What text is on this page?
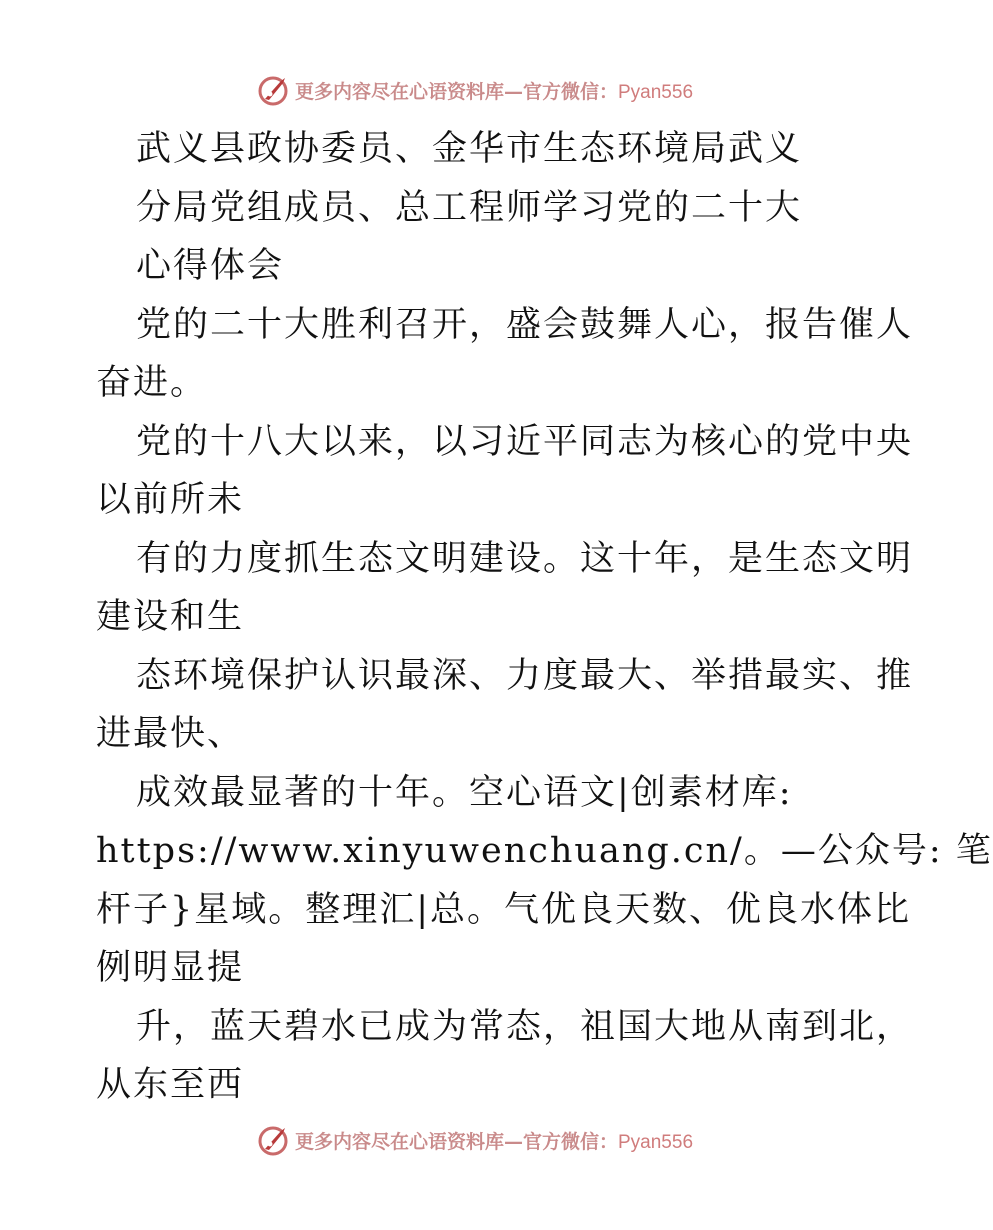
更多内容尽在心语资料库—官方微信：Pyan556
武义县政协委员、金华市生态环境局武义
分局党组成员、总工程师学习党的二十大
心得体会
党的二十大胜利召开，盛会鼓舞人心，报告催人
奋进。
党的十八大以来，以习近平同志为核心的党中央
以前所未
有的力度抓生态文明建设。这十年，是生态文明
建设和生
态环境保护认识最深、力度最大、举措最实、推
进最快、
成效最显著的十年。空心语文|创素材库:
https://www.xinyuwenchuang.cn/。—公众号: 笔
杆子}星域。整理汇|总。气优良天数、优良水体比
例明显提
升，蓝天碧水已成为常态，祖国大地从南到北，
从东至西
更多内容尽在心语资料库—官方微信：Pyan556
